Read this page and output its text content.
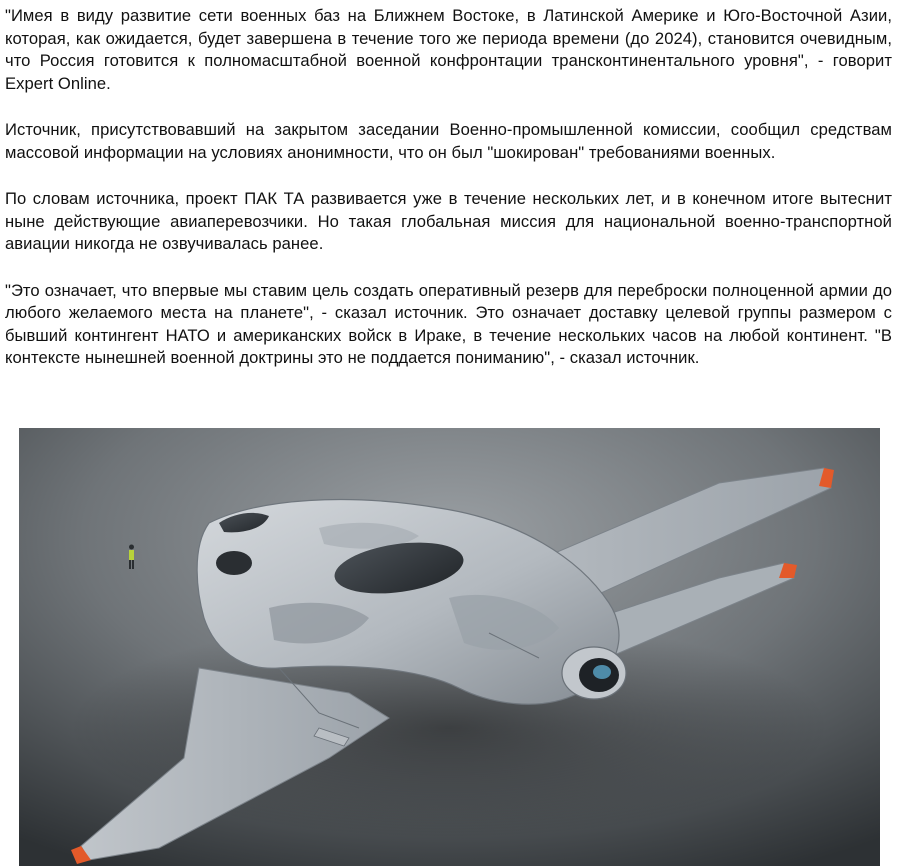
"Имея в виду развитие сети военных баз на Ближнем Востоке, в Латинской Америке и Юго-Восточной Азии, которая, как ожидается, будет завершена в течение того же периода времени (до 2024), становится очевидным, что Россия готовится к полномасштабной военной конфронтации трансконтинентального уровня", - говорит Expert Online.

Источник, присутствовавший на закрытом заседании Военно-промышленной комиссии, сообщил средствам массовой информации на условиях анонимности, что он был "шокирован" требованиями военных.

По словам источника, проект ПАК ТА развивается уже в течение нескольких лет, и в конечном итоге вытеснит ныне действующие авиаперевозчики. Но такая глобальная миссия для национальной военно-транспортной авиации никогда не озвучивалась ранее.

"Это означает, что впервые мы ставим цель создать оперативный резерв для переброски полноценной армии до любого желаемого места на планете", - сказал источник. Это означает доставку целевой группы размером с бывший контингент НАТО и американских войск в Ираке, в течение нескольких часов на любой континент. "В контексте нынешней военной доктрины это не поддается пониманию", - сказал источник.
